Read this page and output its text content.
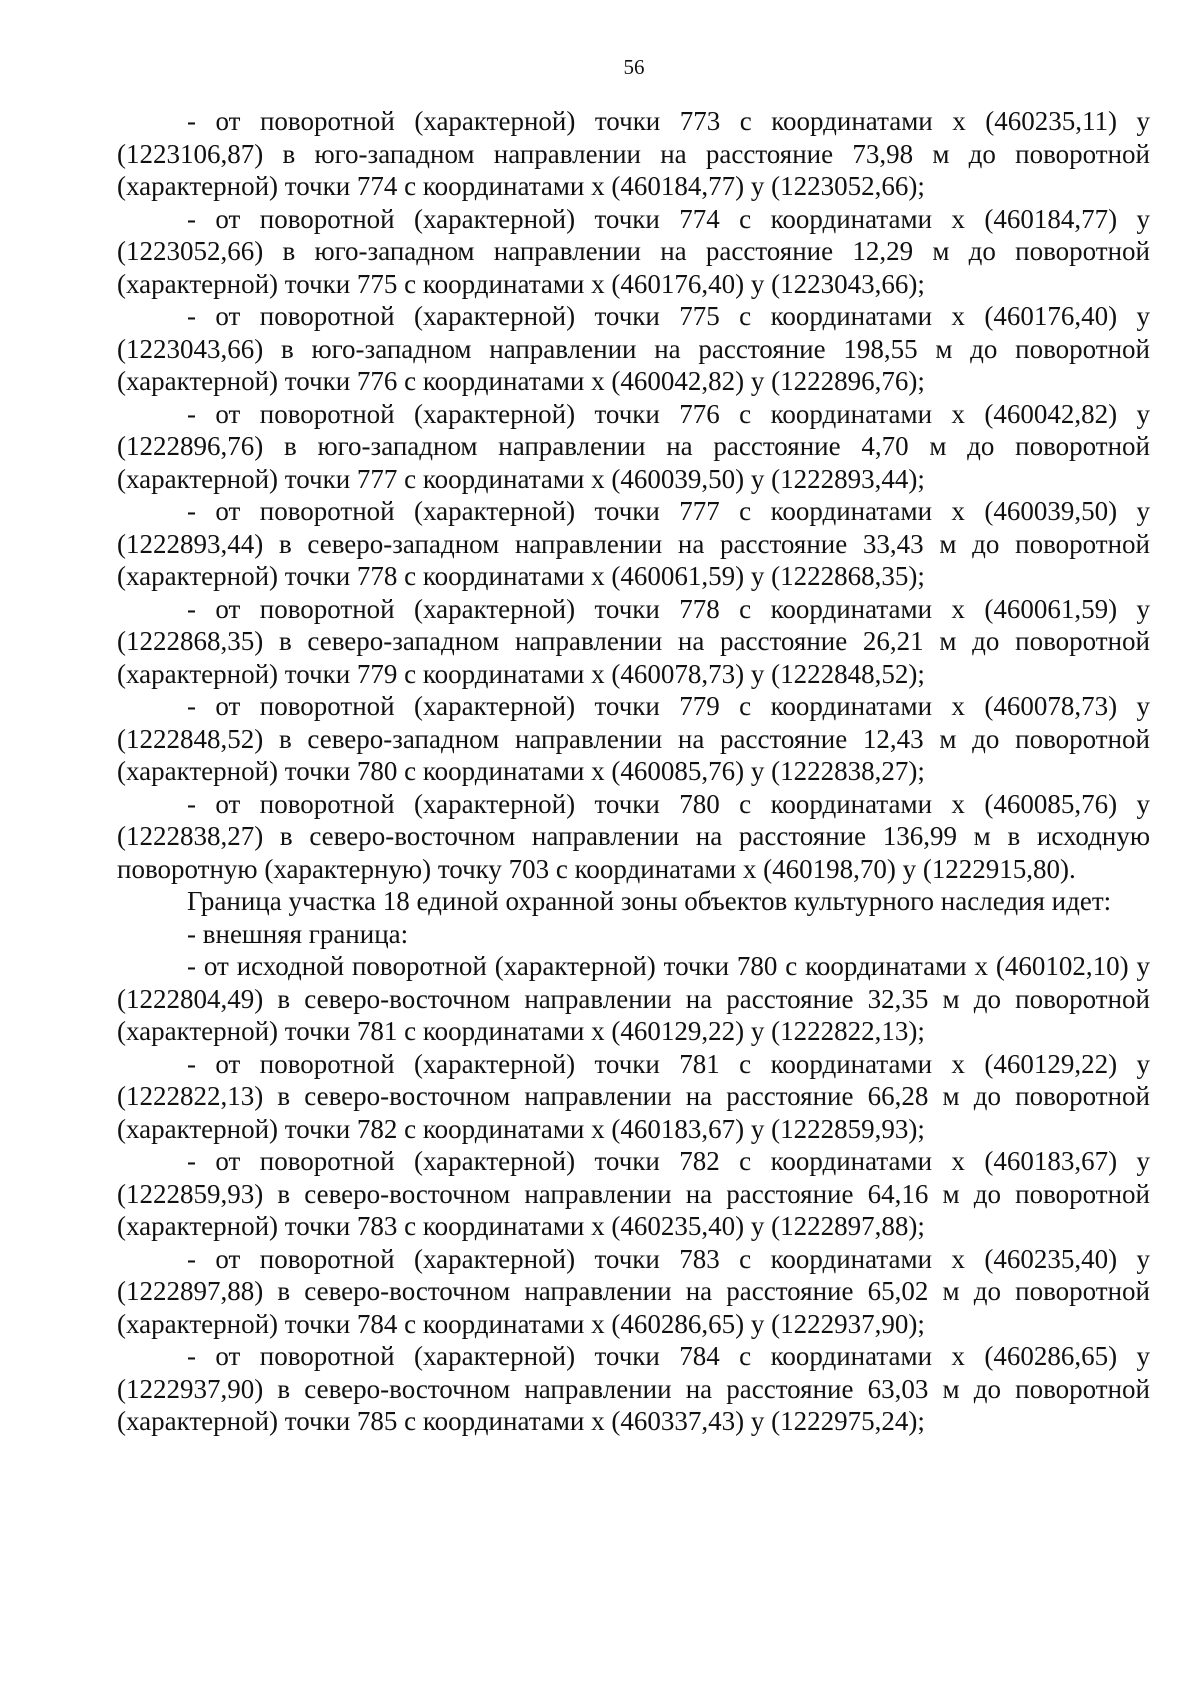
56

- от поворотной (характерной) точки 773 с координатами x (460235,11) y (1223106,87) в юго-западном направлении на расстояние 73,98 м до поворотной (характерной) точки 774 с координатами x (460184,77) y (1223052,66);

- от поворотной (характерной) точки 774 с координатами x (460184,77) y (1223052,66) в юго-западном направлении на расстояние 12,29 м до поворотной (характерной) точки 775 с координатами x (460176,40) y (1223043,66);

- от поворотной (характерной) точки 775 с координатами x (460176,40) y (1223043,66) в юго-западном направлении на расстояние 198,55 м до поворотной (характерной) точки 776 с координатами x (460042,82) y (1222896,76);

- от поворотной (характерной) точки 776 с координатами x (460042,82) y (1222896,76) в юго-западном направлении на расстояние 4,70 м до поворотной (характерной) точки 777 с координатами x (460039,50) y (1222893,44);

- от поворотной (характерной) точки 777 с координатами x (460039,50) y (1222893,44) в северо-западном направлении на расстояние 33,43 м до поворотной (характерной) точки 778 с координатами x (460061,59) y (1222868,35);

- от поворотной (характерной) точки 778 с координатами x (460061,59) y (1222868,35) в северо-западном направлении на расстояние 26,21 м до поворотной (характерной) точки 779 с координатами x (460078,73) y (1222848,52);

- от поворотной (характерной) точки 779 с координатами x (460078,73) y (1222848,52) в северо-западном направлении на расстояние 12,43 м до поворотной (характерной) точки 780 с координатами x (460085,76) y (1222838,27);

- от поворотной (характерной) точки 780 с координатами x (460085,76) y (1222838,27) в северо-восточном направлении на расстояние 136,99 м в исходную поворотную (характерную) точку 703 с координатами x (460198,70) y (1222915,80).

Граница участка 18 единой охранной зоны объектов культурного наследия идет:

- внешняя граница:

- от исходной поворотной (характерной) точки 780 с координатами x (460102,10) y (1222804,49) в северо-восточном направлении на расстояние 32,35 м до поворотной (характерной) точки 781 с координатами x (460129,22) y (1222822,13);

- от поворотной (характерной) точки 781 с координатами x (460129,22) y (1222822,13) в северо-восточном направлении на расстояние 66,28 м до поворотной (характерной) точки 782 с координатами x (460183,67) y (1222859,93);

- от поворотной (характерной) точки 782 с координатами x (460183,67) y (1222859,93) в северо-восточном направлении на расстояние 64,16 м до поворотной (характерной) точки 783 с координатами x (460235,40) y (1222897,88);

- от поворотной (характерной) точки 783 с координатами x (460235,40) y (1222897,88) в северо-восточном направлении на расстояние 65,02 м до поворотной (характерной) точки 784 с координатами x (460286,65) y (1222937,90);

- от поворотной (характерной) точки 784 с координатами x (460286,65) y (1222937,90) в северо-восточном направлении на расстояние 63,03 м до поворотной (характерной) точки 785 с координатами x (460337,43) y (1222975,24);
